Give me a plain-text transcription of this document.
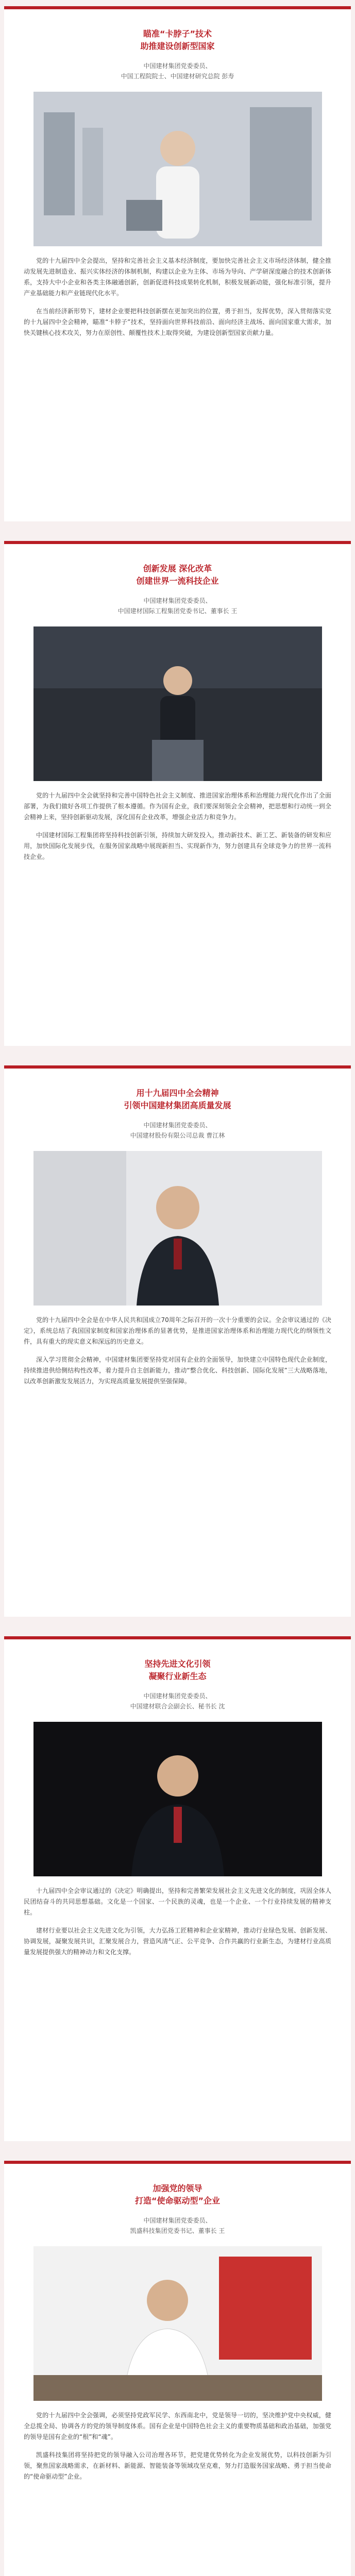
瞄准“卡脖子”技术
助推建设创新型国家
中国建材集团党委委员、
中国工程院院士、中国建材研究总院 彭寿

党的十九届四中全会提出，坚持和完善社会主义基本经济制度，要加快完善社会主义市场经济体制，健全推动发展先进制造业、振兴实体经济的体制机制，构建以企业为主体、市场为导向、产学研深度融合的技术创新体系，支持大中小企业和各类主体融通创新，创新促进科技成果转化机制，积极发展新动能，强化标准引领，提升产业基础能力和产业链现代化水平。

在当前经济新形势下，建材企业要把科技创新摆在更加突出的位置，勇于担当，发挥优势，深入贯彻落实党的十九届四中全会精神，瞄准“卡脖子”技术，坚持面向世界科技前沿、面向经济主战场、面向国家重大需求，加快关键核心技术攻关，努力在原创性、颠覆性技术上取得突破，为建设创新型国家贡献力量。

创新发展 深化改革
创建世界一流科技企业
中国建材集团党委委员、
中国建材国际工程集团党委书记、董事长 王

党的十九届四中全会就坚持和完善中国特色社会主义制度、推进国家治理体系和治理能力现代化作出了全面部署，为我们做好各项工作提供了根本遵循。作为国有企业，我们要深刻领会全会精神，把思想和行动统一到全会精神上来，坚持创新驱动发展，深化国有企业改革，增强企业活力和竞争力。

中国建材国际工程集团将坚持科技创新引领，持续加大研发投入，推动新技术、新工艺、新装备的研发和应用，加快国际化发展步伐，在服务国家战略中展现新担当、实现新作为，努力创建具有全球竞争力的世界一流科技企业。

用十九届四中全会精神
引领中国建材集团高质量发展
中国建材集团党委委员、
中国建材股份有限公司总裁 曹江林

党的十九届四中全会是在中华人民共和国成立70周年之际召开的一次十分重要的会议。全会审议通过的《决定》，系统总结了我国国家制度和国家治理体系的显著优势，是推进国家治理体系和治理能力现代化的纲领性文件，具有重大的现实意义和深远的历史意义。

深入学习贯彻全会精神，中国建材集团要坚持党对国有企业的全面领导，加快建立中国特色现代企业制度，持续推进供给侧结构性改革，着力提升自主创新能力，推动“整合优化、科技创新、国际化发展”三大战略落地，以改革创新激发发展活力，为实现高质量发展提供坚强保障。

坚持先进文化引领
凝聚行业新生态
中国建材集团党委委员、
中国建材联合会副会长、秘书长 沈

十九届四中全会审议通过的《决定》明确提出，坚持和完善繁荣发展社会主义先进文化的制度，巩固全体人民团结奋斗的共同思想基础。文化是一个国家、一个民族的灵魂，也是一个企业、一个行业持续发展的精神支柱。

建材行业要以社会主义先进文化为引领，大力弘扬工匠精神和企业家精神，推动行业绿色发展、创新发展、协调发展，凝聚发展共识，汇聚发展合力，营造风清气正、公平竞争、合作共赢的行业新生态，为建材行业高质量发展提供强大的精神动力和文化支撑。

加强党的领导
打造“使命驱动型”企业
中国建材集团党委委员、
凯盛科技集团党委书记、董事长 王

党的十九届四中全会强调，必须坚持党政军民学、东西南北中，党是领导一切的，坚决维护党中央权威，健全总揽全局、协调各方的党的领导制度体系。国有企业是中国特色社会主义的重要物质基础和政治基础，加强党的领导是国有企业的“根”和“魂”。

凯盛科技集团将坚持把党的领导融入公司治理各环节，把党建优势转化为企业发展优势，以科技创新为引领，聚焦国家战略需求，在新材料、新能源、智能装备等领域攻坚克难，努力打造服务国家战略、勇于担当使命的“使命驱动型”企业。
